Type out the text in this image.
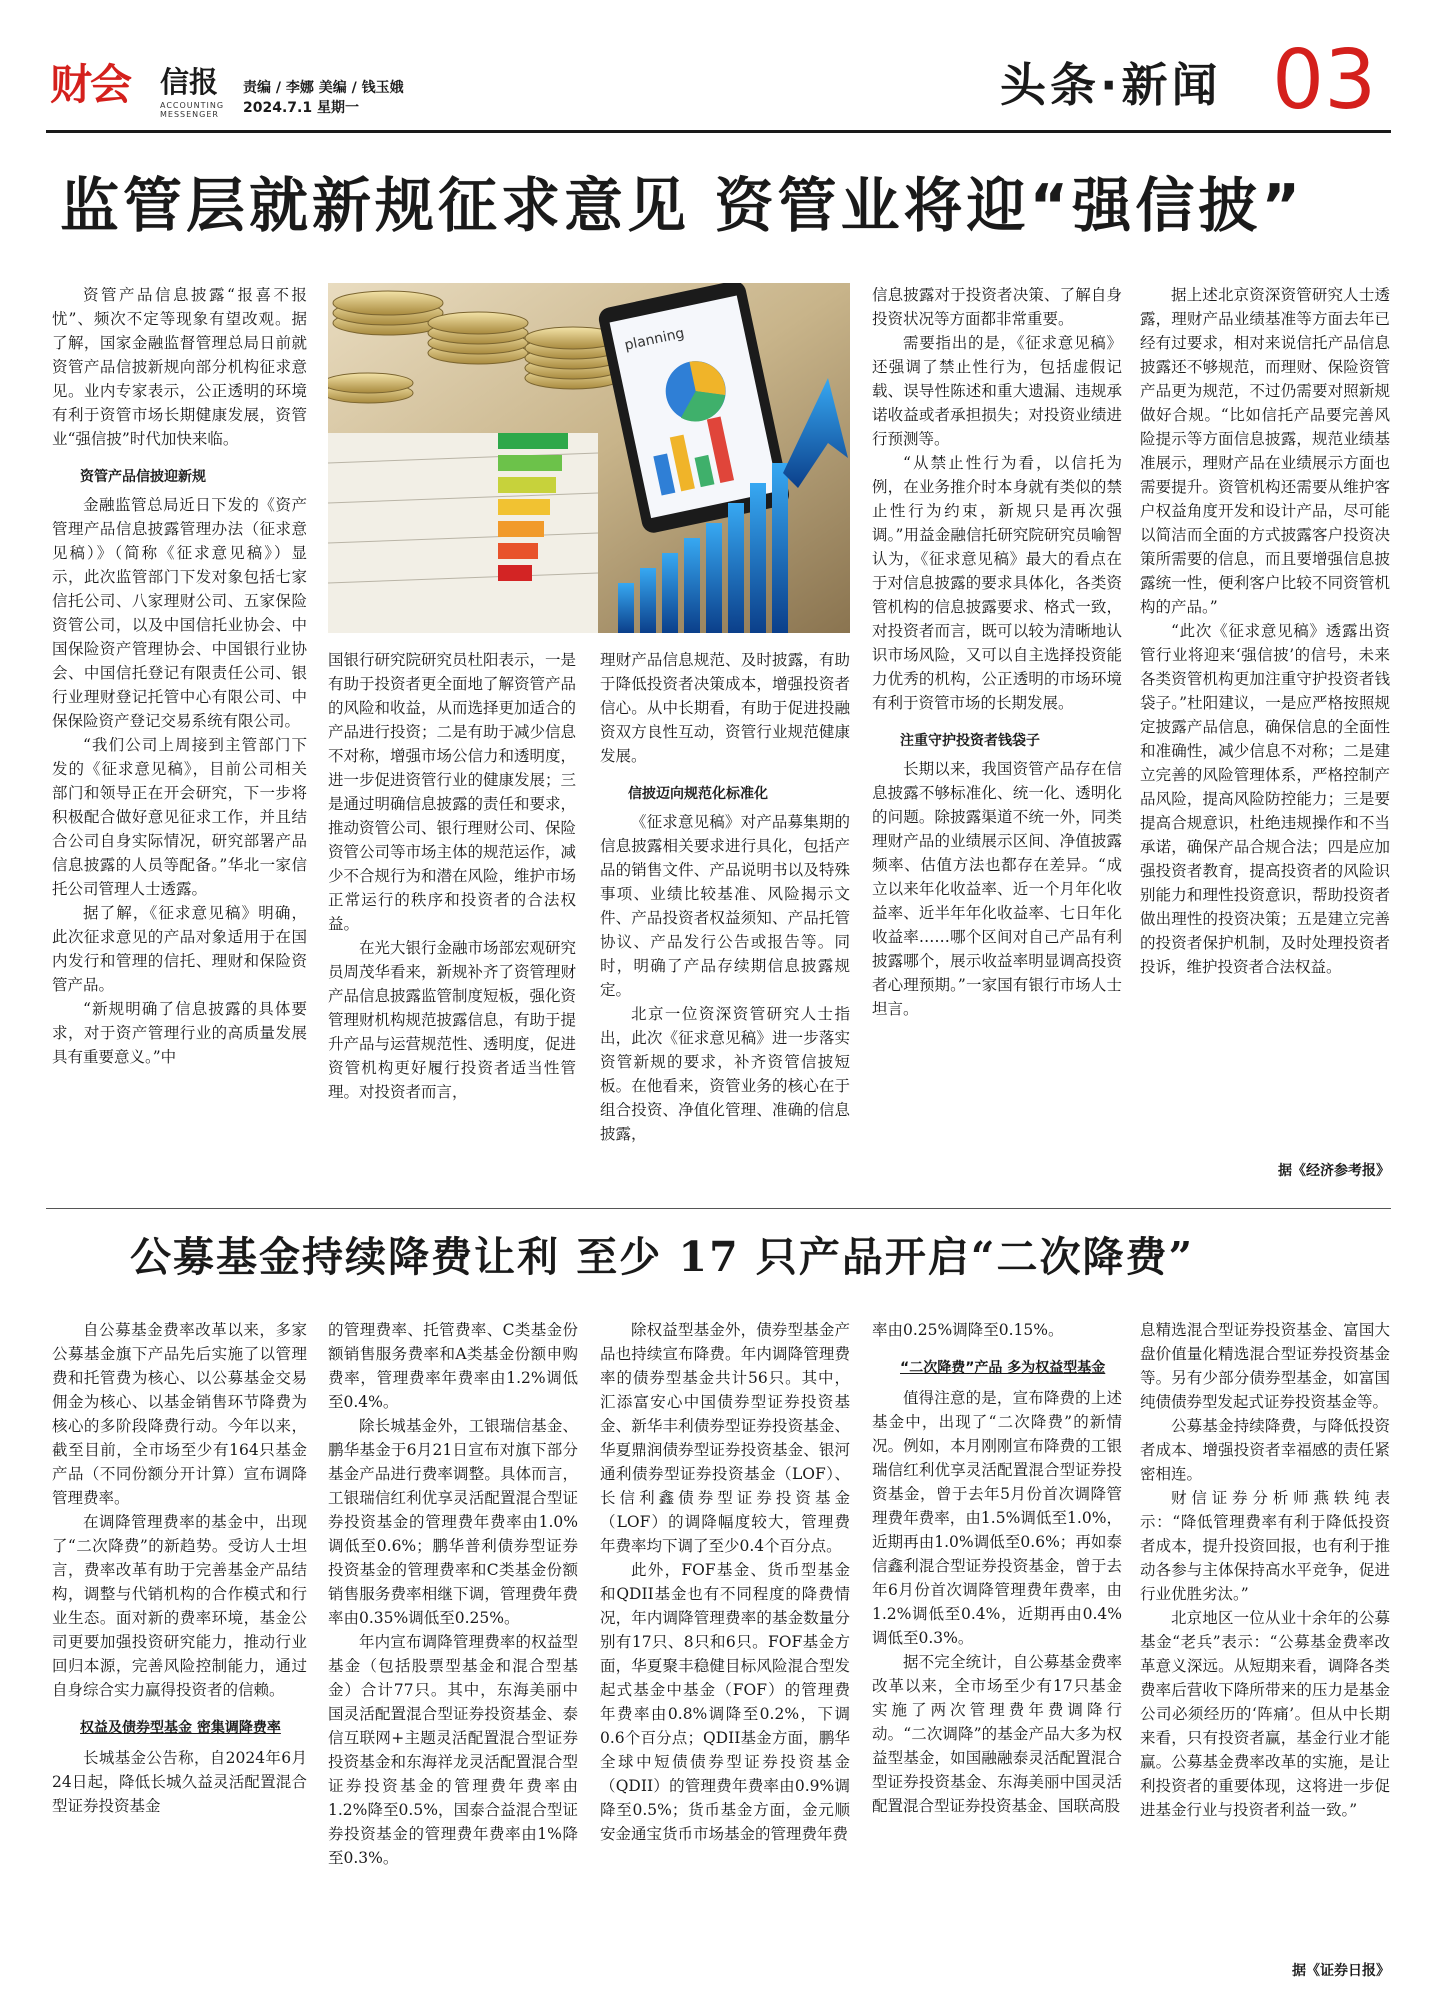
财会 信报
ACCOUNTING MESSENGER
责编 / 李娜 美编 / 钱玉娥
2024.7.1 星期一	头条·新闻 03
监管层就新规征求意见 资管业将迎“强信披”
planning

资管产品信息披露“报喜不报忧”、频次不定等现象有望改观。据了解，国家金融监督管理总局日前就资管产品信披新规向部分机构征求意见。业内专家表示，公正透明的环境有利于资管市场长期健康发展，资管业“强信披”时代加快来临。

资管产品信披迎新规

金融监管总局近日下发的《资产管理产品信息披露管理办法（征求意见稿）》（简称《征求意见稿》）显示，此次监管部门下发对象包括七家信托公司、八家理财公司、五家保险资管公司，以及中国信托业协会、中国保险资产管理协会、中国银行业协会、中国信托登记有限责任公司、银行业理财登记托管中心有限公司、中保保险资产登记交易系统有限公司。

“我们公司上周接到主管部门下发的《征求意见稿》，目前公司相关部门和领导正在开会研究，下一步将积极配合做好意见征求工作，并且结合公司自身实际情况，研究部署产品信息披露的人员等配备。”华北一家信托公司管理人士透露。

据了解，《征求意见稿》明确，此次征求意见的产品对象适用于在国内发行和管理的信托、理财和保险资管产品。

“新规明确了信息披露的具体要求，对于资产管理行业的高质量发展具有重要意义。”中

国银行研究院研究员杜阳表示，一是有助于投资者更全面地了解资管产品的风险和收益，从而选择更加适合的产品进行投资；二是有助于减少信息不对称，增强市场公信力和透明度，进一步促进资管行业的健康发展；三是通过明确信息披露的责任和要求，推动资管公司、银行理财公司、保险资管公司等市场主体的规范运作，减少不合规行为和潜在风险，维护市场正常运行的秩序和投资者的合法权益。

在光大银行金融市场部宏观研究员周茂华看来，新规补齐了资管理财产品信息披露监管制度短板，强化资管理财机构规范披露信息，有助于提升产品与运营规范性、透明度，促进资管机构更好履行投资者适当性管理。对投资者而言，

理财产品信息规范、及时披露，有助于降低投资者决策成本，增强投资者信心。从中长期看，有助于促进投融资双方良性互动，资管行业规范健康发展。

信披迈向规范化标准化

《征求意见稿》对产品募集期的信息披露相关要求进行具化，包括产品的销售文件、产品说明书以及特殊事项、业绩比较基准、风险揭示文件、产品投资者权益须知、产品托管协议、产品发行公告或报告等。同时，明确了产品存续期信息披露规定。

北京一位资深资管研究人士指出，此次《征求意见稿》进一步落实资管新规的要求，补齐资管信披短板。在他看来，资管业务的核心在于组合投资、净值化管理、准确的信息披露，

信息披露对于投资者决策、了解自身投资状况等方面都非常重要。

需要指出的是，《征求意见稿》还强调了禁止性行为，包括虚假记载、误导性陈述和重大遗漏、违规承诺收益或者承担损失；对投资业绩进行预测等。

“从禁止性行为看，以信托为例，在业务推介时本身就有类似的禁止性行为约束，新规只是再次强调。”用益金融信托研究院研究员喻智认为，《征求意见稿》最大的看点在于对信息披露的要求具体化，各类资管机构的信息披露要求、格式一致，对投资者而言，既可以较为清晰地认识市场风险，又可以自主选择投资能力优秀的机构，公正透明的市场环境有利于资管市场的长期发展。

注重守护投资者钱袋子

长期以来，我国资管产品存在信息披露不够标准化、统一化、透明化的问题。除披露渠道不统一外，同类理财产品的业绩展示区间、净值披露频率、估值方法也都存在差异。“成立以来年化收益率、近一个月年化收益率、近半年年化收益率、七日年化收益率……哪个区间对自己产品有利披露哪个，展示收益率明显调高投资者心理预期。”一家国有银行市场人士坦言。

据上述北京资深资管研究人士透露，理财产品业绩基准等方面去年已经有过要求，相对来说信托产品信息披露还不够规范，而理财、保险资管产品更为规范，不过仍需要对照新规做好合规。“比如信托产品要完善风险提示等方面信息披露，规范业绩基准展示，理财产品在业绩展示方面也需要提升。资管机构还需要从维护客户权益角度开发和设计产品，尽可能以简洁而全面的方式披露客户投资决策所需要的信息，而且要增强信息披露统一性，便利客户比较不同资管机构的产品。”

“此次《征求意见稿》透露出资管行业将迎来‘强信披’的信号，未来各类资管机构更加注重守护投资者钱袋子。”杜阳建议，一是应严格按照规定披露产品信息，确保信息的全面性和准确性，减少信息不对称；二是建立完善的风险管理体系，严格控制产品风险，提高风险防控能力；三是要提高合规意识，杜绝违规操作和不当承诺，确保产品合规合法；四是应加强投资者教育，提高投资者的风险识别能力和理性投资意识，帮助投资者做出理性的投资决策；五是建立完善的投资者保护机制，及时处理投资者投诉，维护投资者合法权益。

据《经济参考报》
公募基金持续降费让利 至少 17 只产品开启“二次降费”

自公募基金费率改革以来，多家公募基金旗下产品先后实施了以管理费和托管费为核心、以公募基金交易佣金为核心、以基金销售环节降费为核心的多阶段降费行动。今年以来，截至目前，全市场至少有164只基金产品（不同份额分开计算）宣布调降管理费率。

在调降管理费率的基金中，出现了“二次降费”的新趋势。受访人士坦言，费率改革有助于完善基金产品结构，调整与代销机构的合作模式和行业生态。面对新的费率环境，基金公司更要加强投资研究能力，推动行业回归本源，完善风险控制能力，通过自身综合实力赢得投资者的信赖。

权益及债券型基金 密集调降费率

长城基金公告称，自2024年6月24日起，降低长城久益灵活配置混合型证券投资基金

的管理费率、托管费率、C类基金份额销售服务费率和A类基金份额申购费率，管理费率年费率由1.2%调低至0.4%。

除长城基金外，工银瑞信基金、鹏华基金于6月21日宣布对旗下部分基金产品进行费率调整。具体而言，工银瑞信红利优享灵活配置混合型证券投资基金的管理费年费率由1.0%调低至0.6%；鹏华普利债券型证券投资基金的管理费率和C类基金份额销售服务费率相继下调，管理费年费率由0.35%调低至0.25%。

年内宣布调降管理费率的权益型基金（包括股票型基金和混合型基金）合计77只。其中，东海美丽中国灵活配置混合型证券投资基金、泰信互联网+主题灵活配置混合型证券投资基金和东海祥龙灵活配置混合型证券投资基金的管理费年费率由1.2%降至0.5%，国泰合益混合型证券投资基金的管理费年费率由1%降至0.3%。

除权益型基金外，债券型基金产品也持续宣布降费。年内调降管理费率的债券型基金共计56只。其中，汇添富安心中国债券型证券投资基金、新华丰利债券型证券投资基金、华夏鼎润债券型证券投资基金、银河通利债券型证券投资基金（LOF）、长信利鑫债券型证券投资基金（LOF）的调降幅度较大，管理费年费率均下调了至少0.4个百分点。

此外，FOF基金、货币型基金和QDII基金也有不同程度的降费情况，年内调降管理费率的基金数量分别有17只、8只和6只。FOF基金方面，华夏聚丰稳健目标风险混合型发起式基金中基金（FOF）的管理费年费率由0.8%调降至0.2%，下调0.6个百分点；QDII基金方面，鹏华全球中短债债券型证券投资基金（QDII）的管理费年费率由0.9%调降至0.5%；货币基金方面，金元顺安金通宝货币市场基金的管理费年费

率由0.25%调降至0.15%。

“二次降费”产品 多为权益型基金

值得注意的是，宣布降费的上述基金中，出现了“二次降费”的新情况。例如，本月刚刚宣布降费的工银瑞信红利优享灵活配置混合型证券投资基金，曾于去年5月份首次调降管理费年费率，由1.5%调低至1.0%，近期再由1.0%调低至0.6%；再如泰信鑫利混合型证券投资基金，曾于去年6月份首次调降管理费年费率，由1.2%调低至0.4%，近期再由0.4%调低至0.3%。

据不完全统计，自公募基金费率改革以来，全市场至少有17只基金实施了两次管理费年费调降行动。“二次调降”的基金产品大多为权益型基金，如国融融泰灵活配置混合型证券投资基金、东海美丽中国灵活配置混合型证券投资基金、国联高股

息精选混合型证券投资基金、富国大盘价值量化精选混合型证券投资基金等。另有少部分债券型基金，如富国纯债债券型发起式证券投资基金等。

公募基金持续降费，与降低投资者成本、增强投资者幸福感的责任紧密相连。

财信证券分析师燕轶纯表示：“降低管理费率有利于降低投资者成本，提升投资回报，也有利于推动各参与主体保持高水平竞争，促进行业优胜劣汰。”

北京地区一位从业十余年的公募基金“老兵”表示：“公募基金费率改革意义深远。从短期来看，调降各类费率后营收下降所带来的压力是基金公司必须经历的‘阵痛’。但从中长期来看，只有投资者赢，基金行业才能赢。公募基金费率改革的实施，是让利投资者的重要体现，这将进一步促进基金行业与投资者利益一致。”

据《证券日报》
